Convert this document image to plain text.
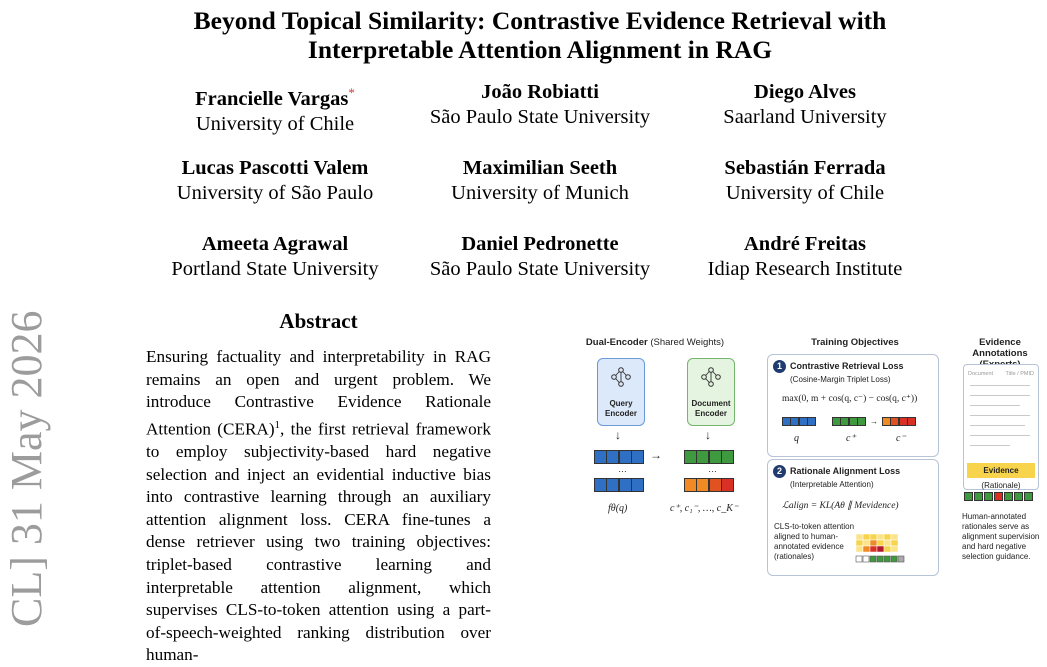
CL] 31 May 2026
Beyond Topical Similarity: Contrastive Evidence Retrieval with Interpretable Attention Alignment in RAG
Francielle Vargas*
University of Chile
João Robiatti
São Paulo State University
Diego Alves
Saarland University
Lucas Pascotti Valem
University of São Paulo
Maximilian Seeth
University of Munich
Sebastián Ferrada
University of Chile
Ameeta Agrawal
Portland State University
Daniel Pedronette
São Paulo State University
André Freitas
Idiap Research Institute
Abstract

Ensuring factuality and interpretability in RAG remains an open and urgent problem. We introduce Contrastive Evidence Rationale Attention (CERA)$^1$, the first retrieval framework to employ subjectivity-based hard negative selection and inject an evidential inductive bias into contrastive learning through an auxiliary attention alignment loss. CERA fine-tunes a dense retriever using two training objectives: triplet-based contrastive learning and interpretable attention alignment, which supervises CLS-to-token attention using a part-of-speech-weighted ranking distribution over human-

Dual-Encoder (Shared Weights)
Query Encoder
Document Encoder
↓	↓
…
→
…
fθ(q)	c⁺, c₁⁻, …, c_K⁻
Training Objectives
1 Contrastive Retrieval Loss
(Cosine-Margin Triplet Loss)
max(0, m + cos(q, c⁻) − cos(q, c⁺))
→
q	c⁺	c⁻
2 Rationale Alignment Loss
(Interpretable Attention)
ℒalign = KL(Aθ ∥ Mevidence)
CLS-to-token attention aligned to human-annotated evidence (rationales)
Evidence Annotations

Document Title / PMID
Evidence (Rationale)
Human-annotated rationales serve as alignment supervision and hard negative selection guidance.
